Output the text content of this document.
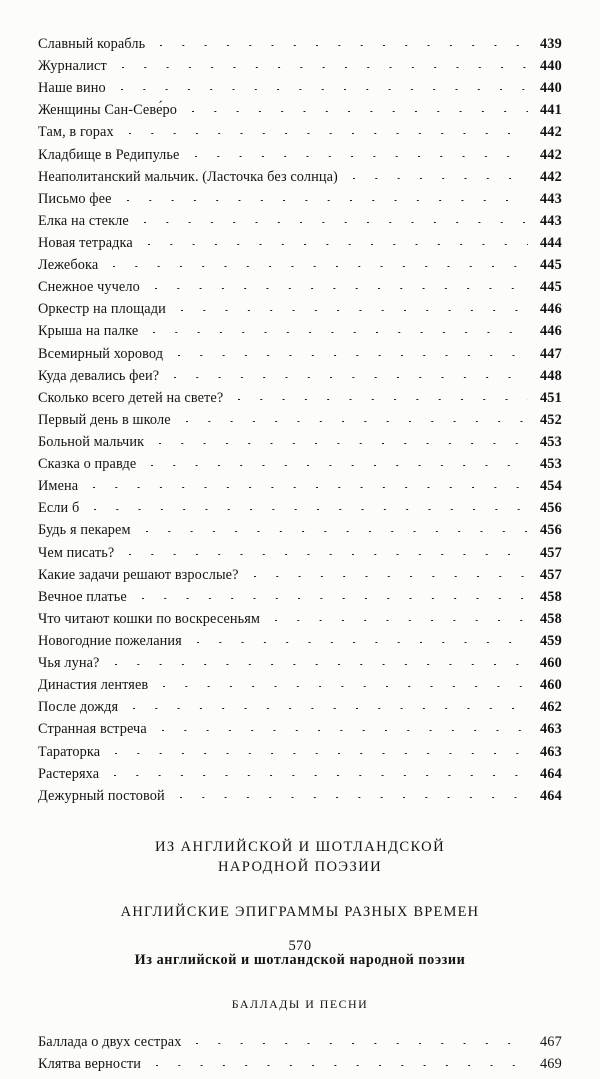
Славный корабль	439
Журналист	440
Наше вино	440
Женщины Сан-Севе́ро	441
Там, в горах	442
Кладбище в Редипулье	442
Неаполитанский мальчик. (Ласточка без солнца)	442
Письмо фее	443
Елка на стекле	443
Новая тетрадка	444
Лежебока	445
Снежное чучело	445
Оркестр на площади	446
Крыша на палке	446
Всемирный хоровод	447
Куда девались феи?	448
Сколько всего детей на свете?	451
Первый день в школе	452
Больной мальчик	453
Сказка о правде	453
Имена	454
Если б	456
Будь я пекарем	456
Чем писать?	457
Какие задачи решают взрослые?	457
Вечное платье	458
Что читают кошки по воскресеньям	458
Новогодние пожелания	459
Чья луна?	460
Династия лентяев	460
После дождя	462
Странная встреча	463
Тараторка	463
Растеряха	464
Дежурный постовой	464
ИЗ АНГЛИЙСКОЙ И ШОТЛАНДСКОЙ
НАРОДНОЙ ПОЭЗИИ
АНГЛИЙСКИЕ ЭПИГРАММЫ РАЗНЫХ ВРЕМЕН
Из английской и шотландской народной поэзии
БАЛЛАДЫ И ПЕСНИ
Баллада о двух сестрах	467
Клятва верности	469
570
